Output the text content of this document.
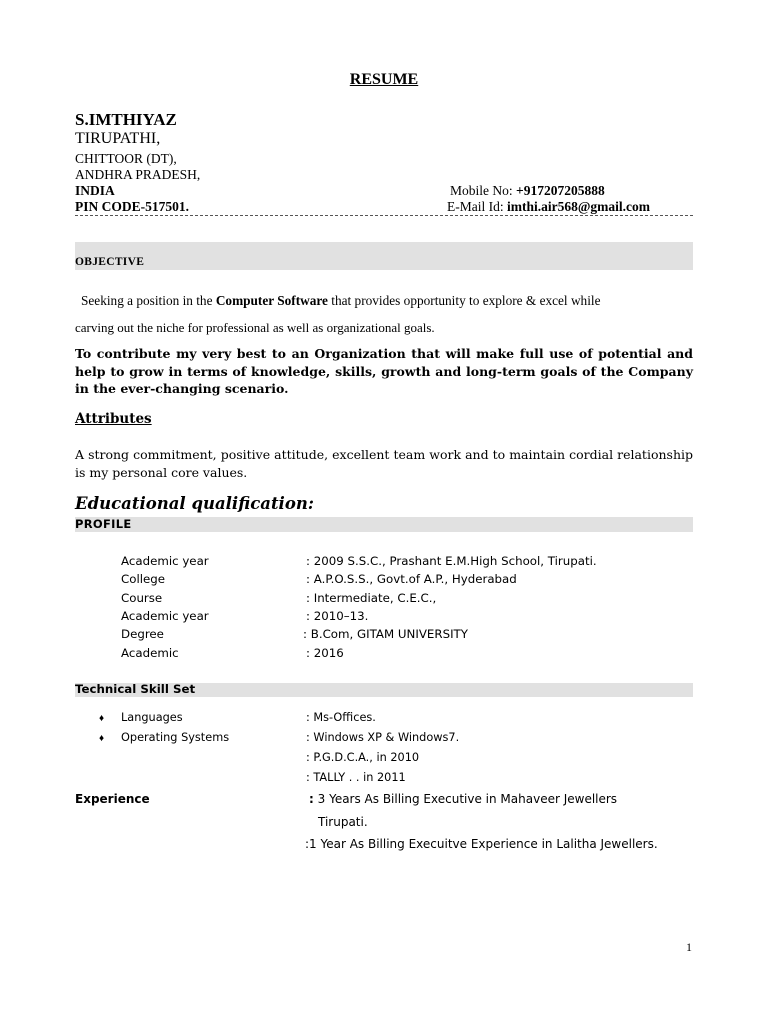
RESUME
S.IMTHIYAZ
TIRUPATHI,
CHITTOOR (DT),
ANDHRA PRADESH,
INDIA
PIN CODE-517501.
Mobile No: +917207205888
E-Mail Id: imthi.air568@gmail.com
OBJECTIVE
Seeking a position in the Computer Software that provides opportunity to explore & excel while
carving out the niche for professional as well as organizational goals.
To contribute my very best to an Organization that will make full use of potential and help to grow in terms of knowledge, skills, growth and long-term goals of the Company in the ever-changing scenario.
Attributes
A strong commitment, positive attitude, excellent team work and to maintain cordial relationship is my personal core values.
Educational qualification:
PROFILE
Academic year	: 2009 S.S.C., Prashant E.M.High School, Tirupati.
College	: A.P.O.S.S., Govt.of A.P., Hyderabad
Course	: Intermediate, C.E.C.,
Academic year	: 2010–13.
Degree	: B.Com, GITAM UNIVERSITY
Academic	: 2016
Technical Skill Set
♦ Languages	: Ms-Offices.
♦ Operating Systems	: Windows XP & Windows7.
: P.G.D.C.A., in 2010
: TALLY . . in 2011
Experience	: 3 Years As Billing Executive in Mahaveer Jewellers
Tirupati.
:1 Year As Billing Execuitve Experience in Lalitha Jewellers.
1
